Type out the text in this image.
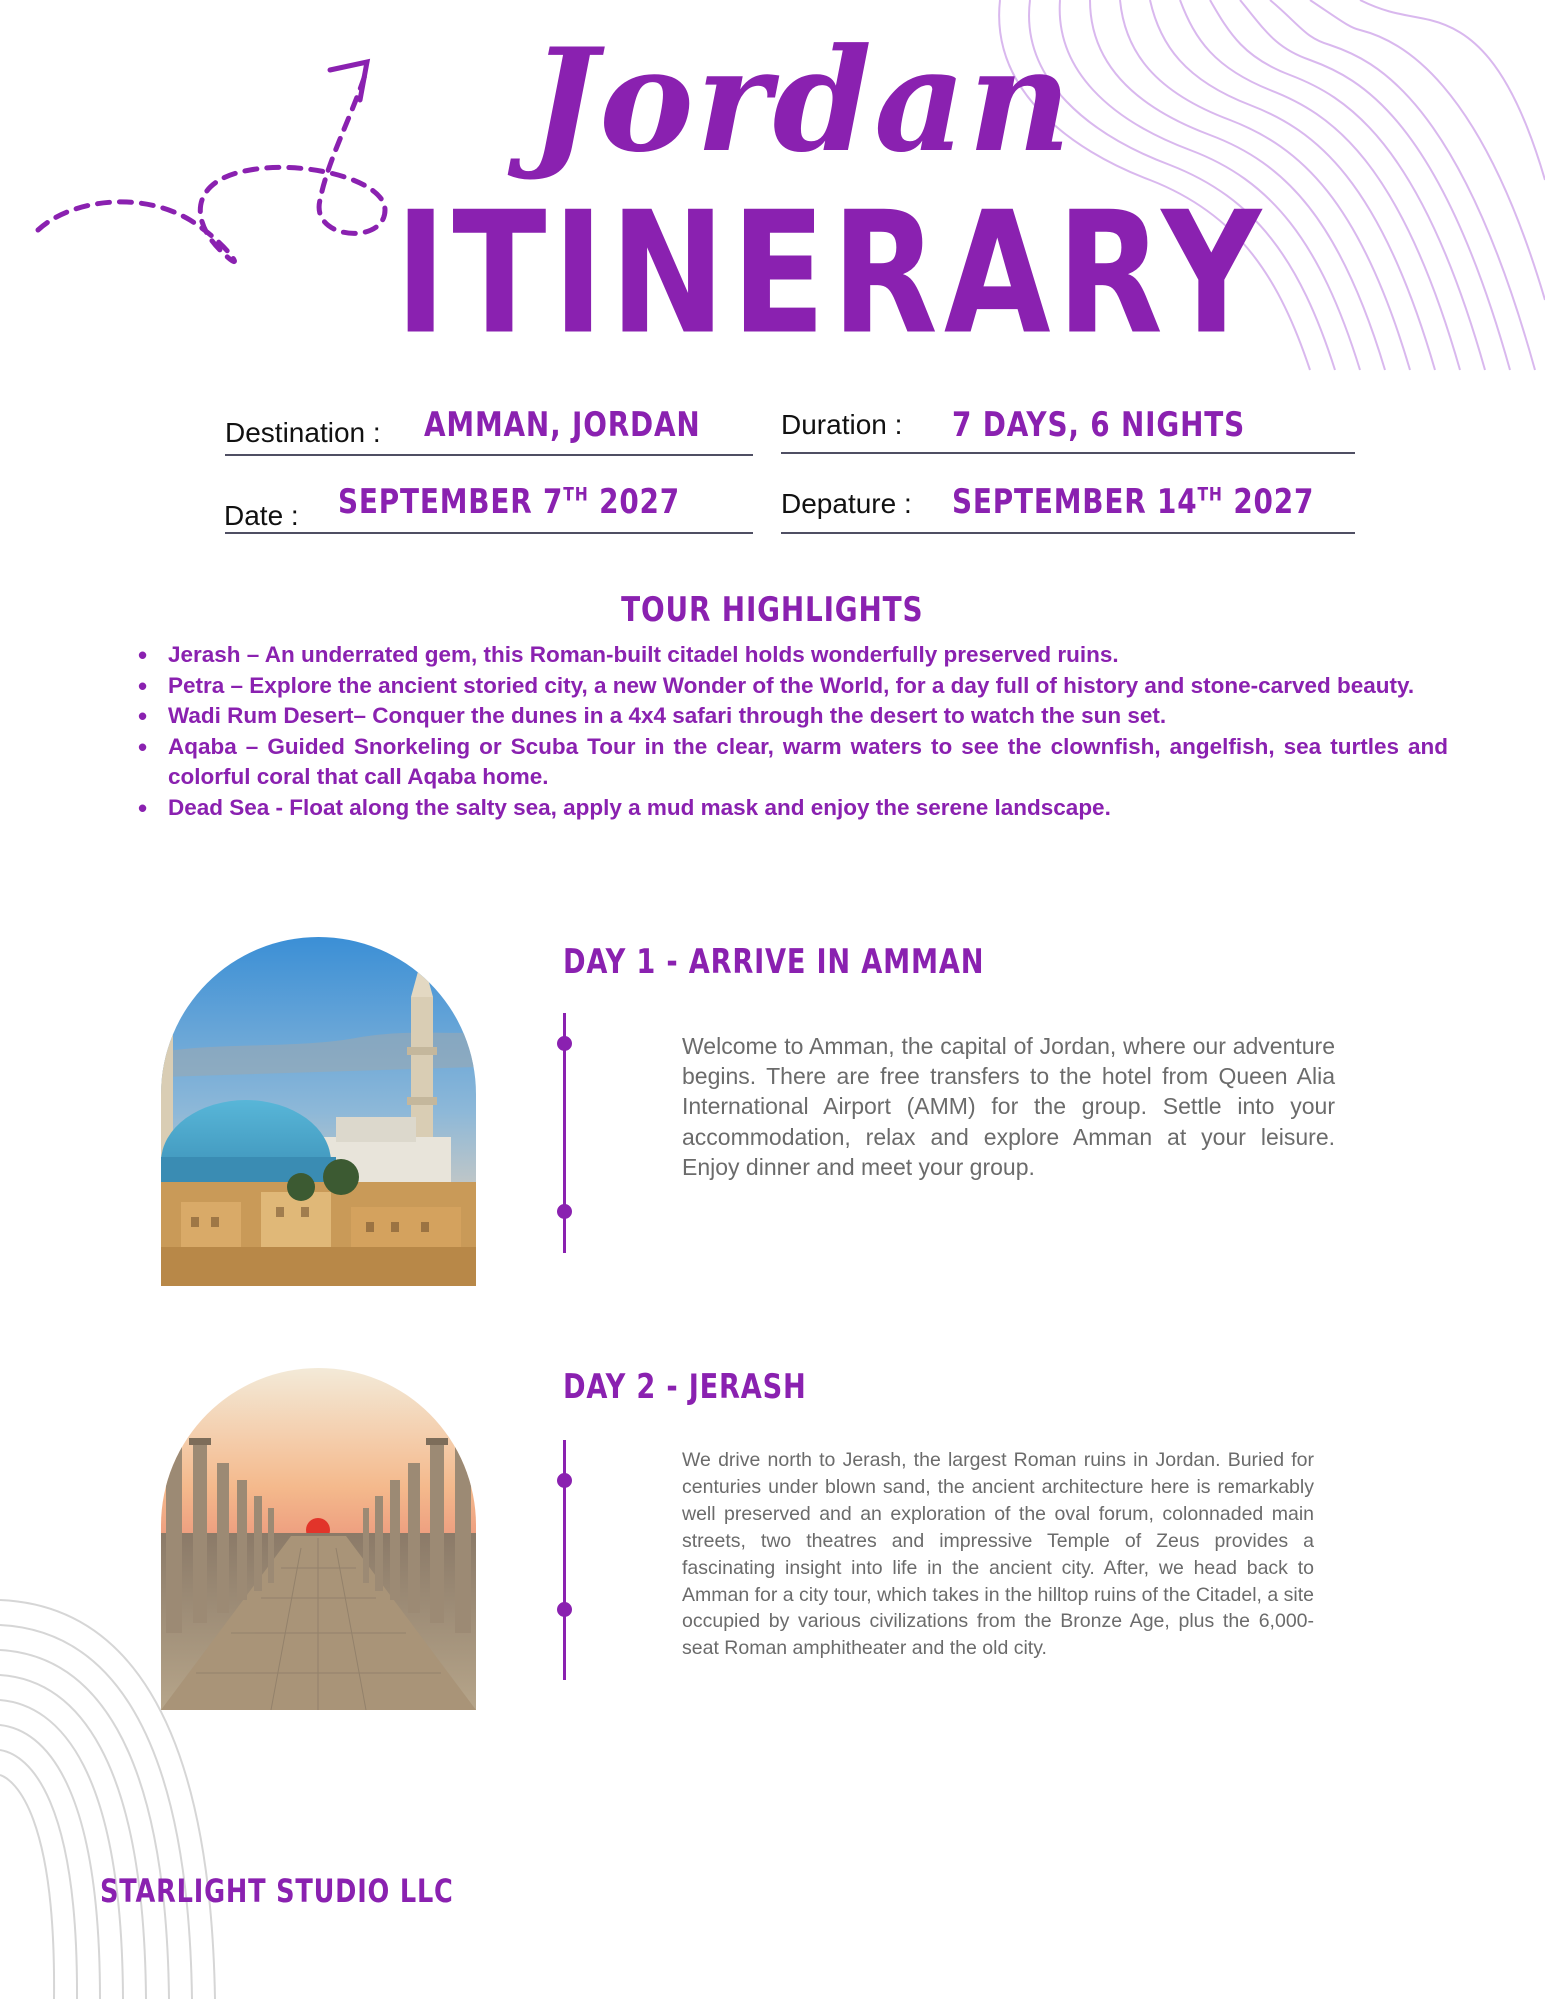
Jordan
ITINERARY
Destination : AMMAN, JORDAN	Duration : 7 DAYS, 6 NIGHTS
Date : SEPTEMBER 7TH 2027	Depature : SEPTEMBER 14TH 2027
TOUR HIGHLIGHTS
• Jerash – An underrated gem, this Roman-built citadel holds wonderfully preserved ruins.
• Petra – Explore the ancient storied city, a new Wonder of the World, for a day full of history and stone-carved beauty.
• Wadi Rum Desert– Conquer the dunes in a 4x4 safari through the desert to watch the sun set.
• Aqaba – Guided Snorkeling or Scuba Tour in the clear, warm waters to see the clownfish, angelfish, sea turtles and colorful coral that call Aqaba home.
• Dead Sea - Float along the salty sea, apply a mud mask and enjoy the serene landscape.
DAY 1 - ARRIVE IN AMMAN
Welcome to Amman, the capital of Jordan, where our adventure begins. There are free transfers to the hotel from Queen Alia International Airport (AMM) for the group. Settle into your accommodation, relax and explore Amman at your leisure. Enjoy dinner and meet your group.
DAY 2 - JERASH
We drive north to Jerash, the largest Roman ruins in Jordan. Buried for centuries under blown sand, the ancient architecture here is remarkably well preserved and an exploration of the oval forum, colonnaded main streets, two theatres and impressive Temple of Zeus provides a fascinating insight into life in the ancient city. After, we head back to Amman for a city tour, which takes in the hilltop ruins of the Citadel, a site occupied by various civilizations from the Bronze Age, plus the 6,000-seat Roman amphitheater and the old city.
STARLIGHT STUDIO LLC
